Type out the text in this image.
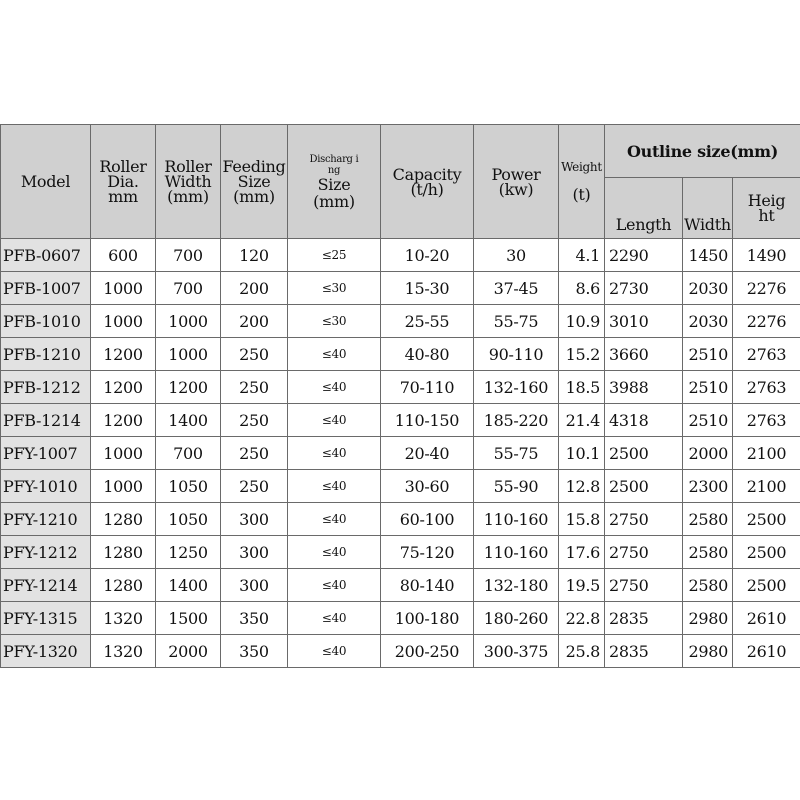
Model	Roller
Dia.
mm	Roller
Width
(mm)	Feeding
Size
(mm)	Discharg i
ng
Size
(mm)	Capacity
(t/h)	Power
(kw)	Weight

(t)	Outline size(mm)		
								Length	Width	Heig
ht
PFB-0607	600	700	120	≤25	10-20	30	4.1	2290	1450	1490
PFB-1007	1000	700	200	≤30	15-30	37-45	8.6	2730	2030	2276
PFB-1010	1000	1000	200	≤30	25-55	55-75	10.9	3010	2030	2276
PFB-1210	1200	1000	250	≤40	40-80	90-110	15.2	3660	2510	2763
PFB-1212	1200	1200	250	≤40	70-110	132-160	18.5	3988	2510	2763
PFB-1214	1200	1400	250	≤40	110-150	185-220	21.4	4318	2510	2763
PFY-1007	1000	700	250	≤40	20-40	55-75	10.1	2500	2000	2100
PFY-1010	1000	1050	250	≤40	30-60	55-90	12.8	2500	2300	2100
PFY-1210	1280	1050	300	≤40	60-100	110-160	15.8	2750	2580	2500
PFY-1212	1280	1250	300	≤40	75-120	110-160	17.6	2750	2580	2500
PFY-1214	1280	1400	300	≤40	80-140	132-180	19.5	2750	2580	2500
PFY-1315	1320	1500	350	≤40	100-180	180-260	22.8	2835	2980	2610
PFY-1320	1320	2000	350	≤40	200-250	300-375	25.8	2835	2980	2610
